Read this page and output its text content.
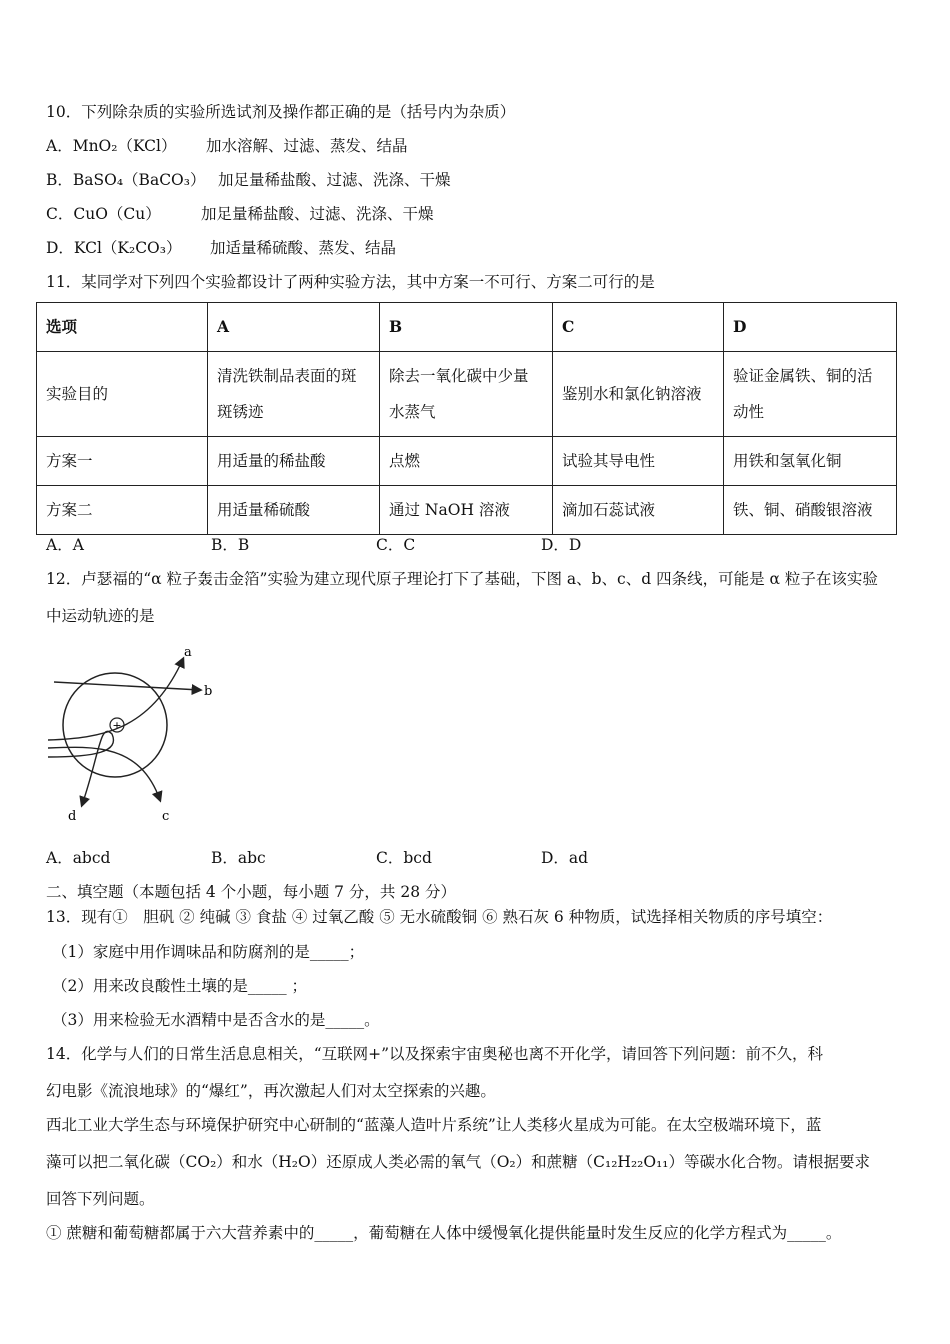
10．下列除杂质的实验所选试剂及操作都正确的是（括号内为杂质）
A．MnO₂（KCl） 加水溶解、过滤、蒸发、结晶
B．BaSO₄（BaCO₃） 加足量稀盐酸、过滤、洗涤、干燥
C．CuO（Cu）	加足量稀盐酸、过滤、洗涤、干燥
D．KCl（K₂CO₃） 加适量稀硫酸、蒸发、结晶
11．某同学对下列四个实验都设计了两种实验方法，其中方案一不可行、方案二可行的是
选项	A	B	C	D
实验目的	清洗铁制品表面的斑斑锈迹	除去一氧化碳中少量水蒸气	鉴别水和氯化钠溶液	验证金属铁、铜的活动性
方案一	用适量的稀盐酸	点燃	试验其导电性	用铁和氢氧化铜
方案二	用适量稀硫酸	通过 NaOH 溶液	滴加石蕊试液	铁、铜、硝酸银溶液
A．A	B．B	C．C	D．D
12．卢瑟福的“α 粒子轰击金箔”实验为建立现代原子理论打下了基础，下图 a、b、c、d 四条线，可能是 α 粒子在该实验
中运动轨迹的是
+
a
b
c
d
A．abcd	B．abc	C．bcd	D．ad
二、填空题（本题包括 4 个小题，每小题 7 分，共 28 分）
13．现有①　胆矾 ② 纯碱 ③ 食盐 ④ 过氧乙酸 ⑤ 无水硫酸铜 ⑥ 熟石灰 6 种物质，试选择相关物质的序号填空：
（1）家庭中用作调味品和防腐剂的是_____；
（2）用来改良酸性土壤的是_____ ；
（3）用来检验无水酒精中是否含水的是_____。
14．化学与人们的日常生活息息相关，“互联网+”以及探索宇宙奥秘也离不开化学，请回答下列问题：前不久，科
幻电影《流浪地球》的“爆红”，再次激起人们对太空探索的兴趣。
西北工业大学生态与环境保护研究中心研制的“蓝藻人造叶片系统”让人类移火星成为可能。在太空极端环境下，蓝
藻可以把二氧化碳（CO₂）和水（H₂O）还原成人类必需的氧气（O₂）和蔗糖（C₁₂H₂₂O₁₁）等碳水化合物。请根据要求
回答下列问题。
① 蔗糖和葡萄糖都属于六大营养素中的_____，葡萄糖在人体中缓慢氧化提供能量时发生反应的化学方程式为_____。
